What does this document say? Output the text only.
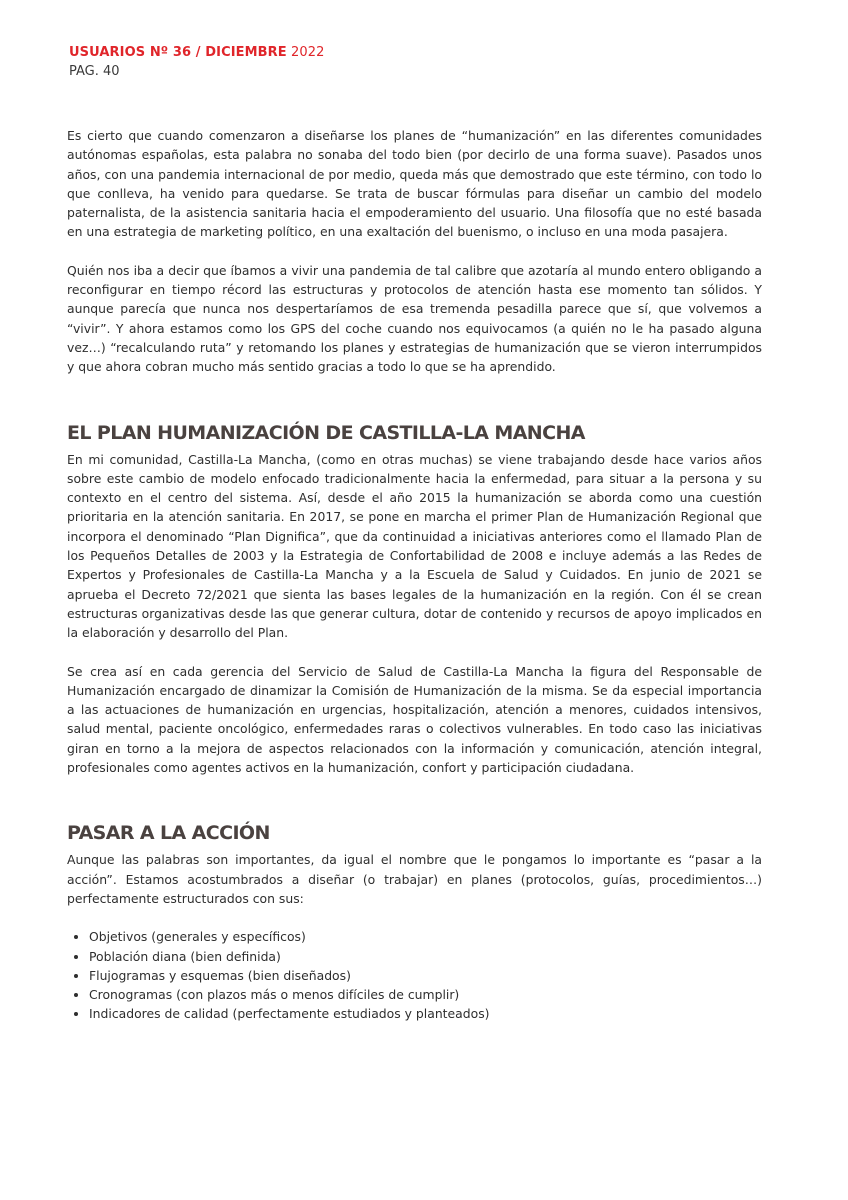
USUARIOS Nº 36 / DICIEMBRE 2022
PAG. 40

Es cierto que cuando comenzaron a diseñarse los planes de “humanización” en las diferentes comunidades autónomas españolas, esta palabra no sonaba del todo bien (por decirlo de una forma suave). Pasados unos años, con una pandemia internacional de por medio, queda más que demostrado que este término, con todo lo que conlleva, ha venido para quedarse. Se trata de buscar fórmulas para diseñar un cambio del modelo paternalista, de la asistencia sanitaria hacia el empoderamiento del usuario. Una filosofía que no esté basada en una estrategia de marketing político, en una exaltación del buenismo, o incluso en una moda pasajera.

Quién nos iba a decir que íbamos a vivir una pandemia de tal calibre que azotaría al mundo entero obligando a reconfigurar en tiempo récord las estructuras y protocolos de atención hasta ese momento tan sólidos. Y aunque parecía que nunca nos despertaríamos de esa tremenda pesadilla parece que sí, que volvemos a “vivir”. Y ahora estamos como los GPS del coche cuando nos equivocamos (a quién no le ha pasado alguna vez…) “recalculando ruta” y retomando los planes y estrategias de humanización que se vieron interrumpidos y que ahora cobran mucho más sentido gracias a todo lo que se ha aprendido.

EL PLAN HUMANIZACIÓN DE CASTILLA-LA MANCHA

En mi comunidad, Castilla-La Mancha, (como en otras muchas) se viene trabajando desde hace varios años sobre este cambio de modelo enfocado tradicionalmente hacia la enfermedad, para situar a la persona y su contexto en el centro del sistema. Así, desde el año 2015 la humanización se aborda como una cuestión prioritaria en la atención sanitaria. En 2017, se pone en marcha el primer Plan de Humanización Regional que incorpora el denominado “Plan Dignifica”, que da continuidad a iniciativas anteriores como el llamado Plan de los Pequeños Detalles de 2003 y la Estrategia de Confortabilidad de 2008 e incluye además a las Redes de Expertos y Profesionales de Castilla-La Mancha y a la Escuela de Salud y Cuidados. En junio de 2021 se aprueba el Decreto 72/2021 que sienta las bases legales de la humanización en la región. Con él se crean estructuras organizativas desde las que generar cultura, dotar de contenido y recursos de apoyo implicados en la elaboración y desarrollo del Plan.

Se crea así en cada gerencia del Servicio de Salud de Castilla-La Mancha la figura del Responsable de Humanización encargado de dinamizar la Comisión de Humanización de la misma. Se da especial importancia a las actuaciones de humanización en urgencias, hospitalización, atención a menores, cuidados intensivos, salud mental, paciente oncológico, enfermedades raras o colectivos vulnerables. En todo caso las iniciativas giran en torno a la mejora de aspectos relacionados con la información y comunicación, atención integral, profesionales como agentes activos en la humanización, confort y participación ciudadana.

PASAR A LA ACCIÓN

Aunque las palabras son importantes, da igual el nombre que le pongamos lo importante es “pasar a la acción”. Estamos acostumbrados a diseñar (o trabajar) en planes (protocolos, guías, procedimientos…) perfectamente estructurados con sus:

• Objetivos (generales y específicos)
• Población diana (bien definida)
• Flujogramas y esquemas (bien diseñados)
• Cronogramas (con plazos más o menos difíciles de cumplir)
• Indicadores de calidad (perfectamente estudiados y planteados)
